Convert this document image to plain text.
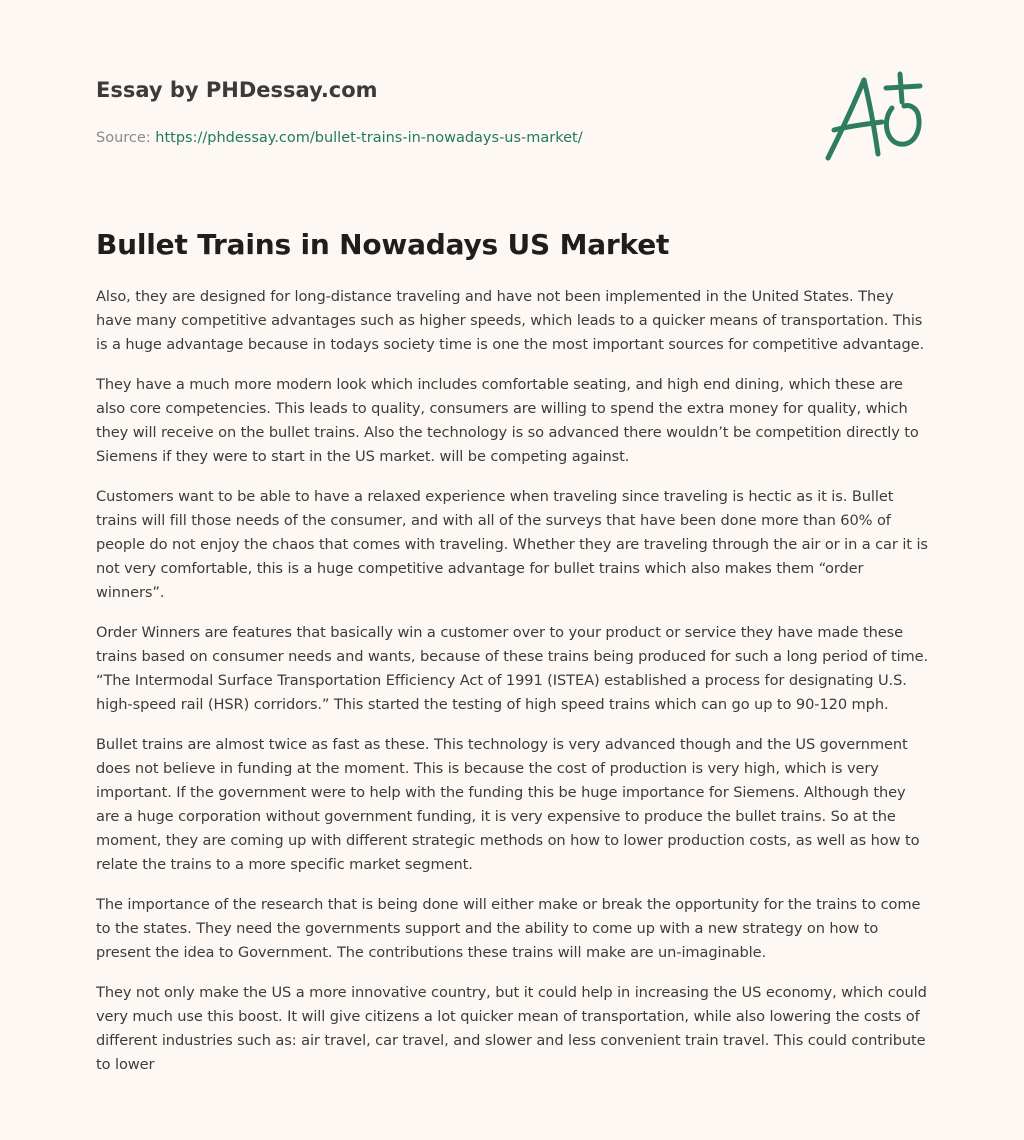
Essay by PHDessay.com
Source: https://phdessay.com/bullet-trains-in-nowadays-us-market/
Bullet Trains in Nowadays US Market

Also, they are designed for long-distance traveling and have not been implemented in the United States. They have many competitive advantages such as higher speeds, which leads to a quicker means of transportation. This is a huge advantage because in todays society time is one the most important sources for competitive advantage.

They have a much more modern look which includes comfortable seating, and high end dining, which these are also core competencies. This leads to quality, consumers are willing to spend the extra money for quality, which they will receive on the bullet trains. Also the technology is so advanced there wouldn’t be competition directly to Siemens if they were to start in the US market. will be competing against.

Customers want to be able to have a relaxed experience when traveling since traveling is hectic as it is. Bullet trains will fill those needs of the consumer, and with all of the surveys that have been done more than 60% of people do not enjoy the chaos that comes with traveling. Whether they are traveling through the air or in a car it is not very comfortable, this is a huge competitive advantage for bullet trains which also makes them “order winners”.

Order Winners are features that basically win a customer over to your product or service they have made these trains based on consumer needs and wants, because of these trains being produced for such a long period of time. “The Intermodal Surface Transportation Efficiency Act of 1991 (ISTEA) established a process for designating U.S. high-speed rail (HSR) corridors.” This started the testing of high speed trains which can go up to 90-120 mph.

Bullet trains are almost twice as fast as these. This technology is very advanced though and the US government does not believe in funding at the moment. This is because the cost of production is very high, which is very important. If the government were to help with the funding this be huge importance for Siemens. Although they are a huge corporation without government funding, it is very expensive to produce the bullet trains. So at the moment, they are coming up with different strategic methods on how to lower production costs, as well as how to relate the trains to a more specific market segment.

The importance of the research that is being done will either make or break the opportunity for the trains to come to the states. They need the governments support and the ability to come up with a new strategy on how to present the idea to Government. The contributions these trains will make are un-imaginable.

They not only make the US a more innovative country, but it could help in increasing the US economy, which could very much use this boost. It will give citizens a lot quicker mean of transportation, while also lowering the costs of different industries such as: air travel, car travel, and slower and less convenient train travel. This could contribute to lower
